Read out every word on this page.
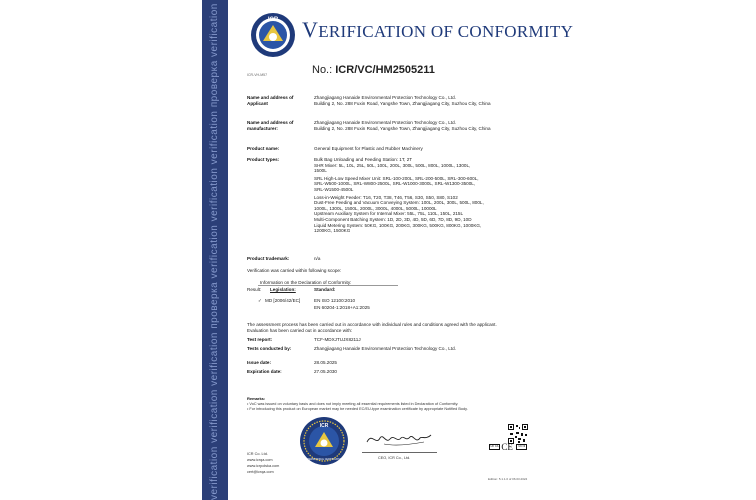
verification verification verification проверка verification verification verification проверка verification	ICR VERIFICATION OF CONFORMITY
ICR-VH-M57	No.: ICR/VC/HM2505211
Name and address of Applicant
Zhangjiagang Hanaide Environmental Protection Technology Co., Ltd.
Building 2, No. 288 Fuxin Road, Yangshe Town, Zhangjiagang City, Suzhou City, China
Name and address of manufacturer:
Zhangjiagang Hanaide Environmental Protection Technology Co., Ltd.
Building 2, No. 288 Fuxin Road, Yangshe Town, Zhangjiagang City, Suzhou City, China
Product name:	General Equipment for Plastic and Rubber Machinery
Product types:	Bulk Bag Unloading and Feeding Station: 1T, 2T
SHR Mixer: 5L, 10L, 25L, 50L, 100L, 200L, 300L, 500L, 800L, 1000L, 1300L,
1500L
SRL High-Low Speed Mixer Unit: SRL-100-200L, SRL-200-500L, SRL-300-600L,
SRL-W500-1000L, SRL-W800-2500L, SRL-W1000-3000L, SRL-W1300-3500L,
SRL-W1500-4500L
Loss-in-Weight Feeder: T16, T20, T38, T46, T56, S30, S50, S80, S102
Dust-Free Feeding and Vacuum Conveying System: 100L, 200L, 300L, 500L, 800L,
1000L, 1300L, 1500L, 2000L, 3000L, 4000L, 5000L, 10000L
Upstream Auxiliary System for Internal Mixer: 55L, 75L, 110L, 150L, 215L
Multi-Component Batching System: 1D, 2D, 3D, 4D, 5D, 6D, 7D, 8D, 9D, 10D
Liquid Metering System: 50KG, 100KG, 200KG, 300KG, 500KG, 800KG, 1000KG,
1200KG, 1500KG
Product trademark:	n/a
Verification was carried within following scope:
Information on the Declaration of Conformity:
Result: Legislation:	Standard:
✓ MD [2006/42/EC]	EN ISO 12100:2010
EN 60204-1:2018+A1:2025
The assessment process has been carried out in accordance with individual rules and conditions agreed with the applicant.
Evaluation has been carried out in accordance with:
Test report:	TCF-MDXJTUJX8211J
Tests conducted by:	Zhangjiagang Hanaide Environmental Protection Technology Co., Ltd.
Issue date:	28.05.2025
Expiration date:	27.05.2030
Remarks:
• VoC was issued on voluntary basis and does not imply meeting all essential requirements listed in Declaration of Conformity.
• For introducing this product on European market may be needed EC/EU-type examination certificate by appropriate Notified Body.
ICR
INTERNATIONAL CERTIFICATION	CEO, ICR Co., Ltd.
ICR Co. Ltd.
www.icrqa.com
www.icrpolska.com
cert@icrqa.com
UK CA CE UK NI
Edition: 5.1.1.0 of 06.03.2024
